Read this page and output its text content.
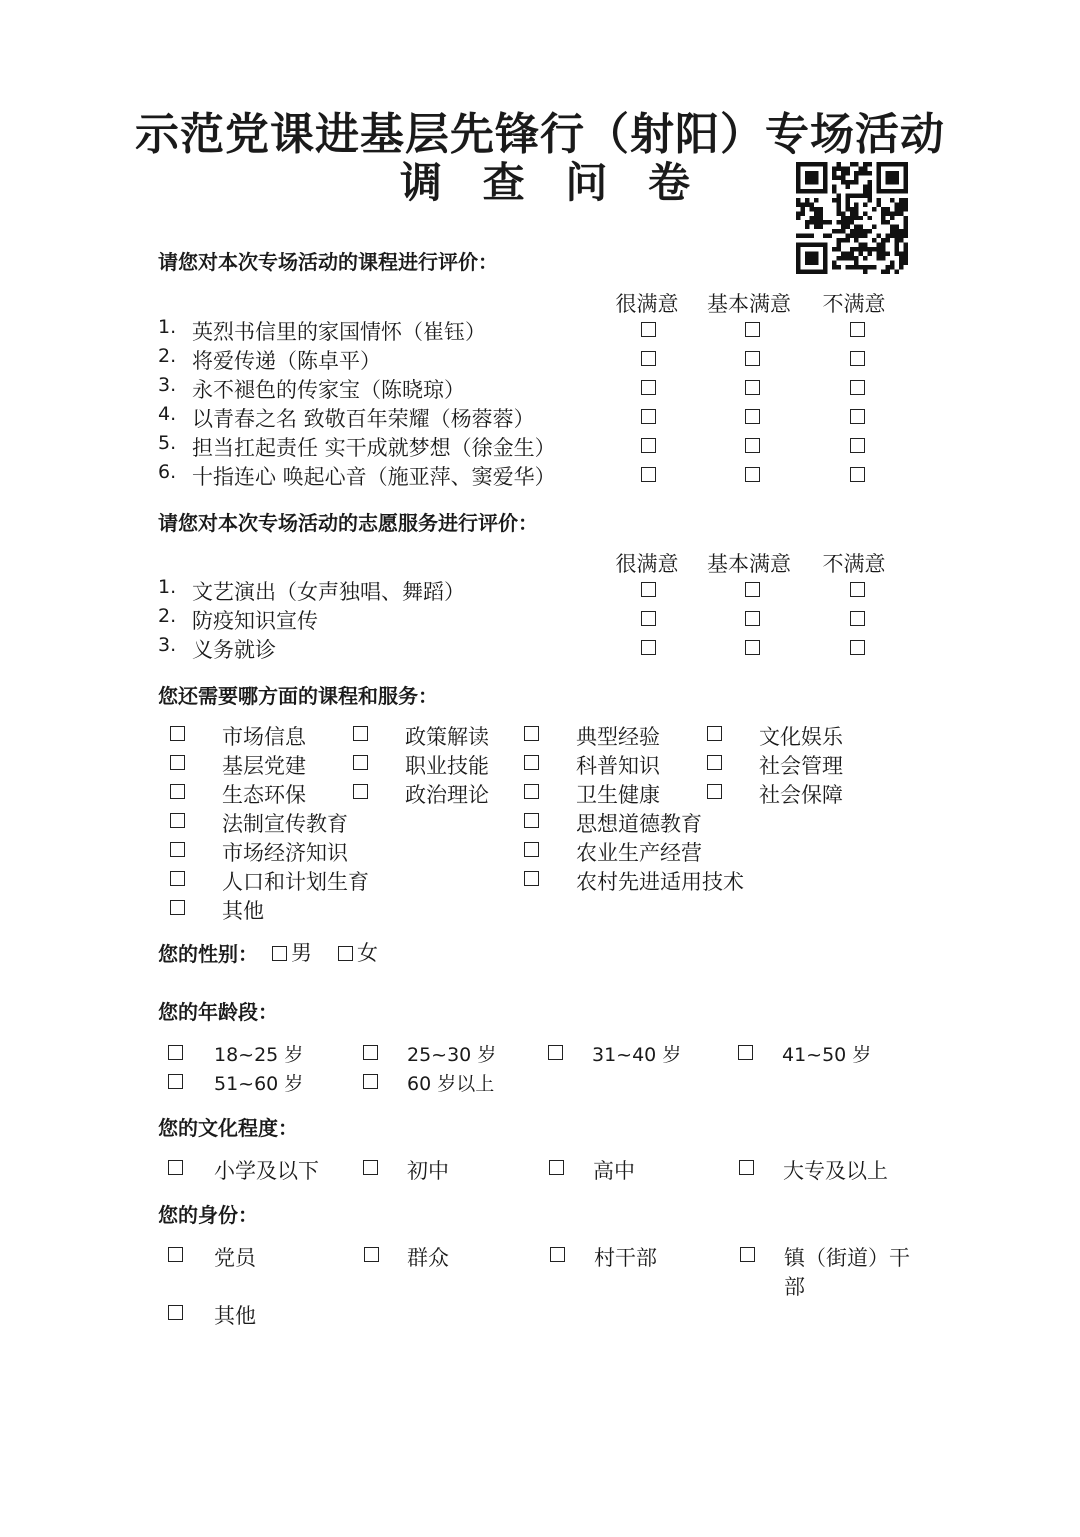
示范党课进基层先锋行（射阳）专场活动
调 查 问 卷
请您对本次专场活动的课程进行评价：
很满意	基本满意	不满意
1. 英烈书信里的家国情怀（崔钰）
2. 将爱传递（陈卓平）
3. 永不褪色的传家宝（陈晓琼）
4. 以青春之名 致敬百年荣耀（杨蓉蓉）
5. 担当扛起责任 实干成就梦想（徐金生）
6. 十指连心 唤起心音（施亚萍、窦爱华）
请您对本次专场活动的志愿服务进行评价：
很满意	基本满意	不满意
1. 文艺演出（女声独唱、舞蹈）
2. 防疫知识宣传
3. 义务就诊
您还需要哪方面的课程和服务：
市场信息	政策解读	典型经验	文化娱乐
基层党建	职业技能	科普知识	社会管理
生态环保	政治理论	卫生健康	社会保障
法制宣传教育	思想道德教育
市场经济知识	农业生产经营
人口和计划生育	农村先进适用技术
其他
您的性别：	男	女
您的年龄段：
18~25 岁	25~30 岁	31~40 岁	41~50 岁
51~60 岁	60 岁以上
您的文化程度：
小学及以下	初中	高中	大专及以上
您的身份：
党员	群众	村干部	镇（街道）干
部
其他
